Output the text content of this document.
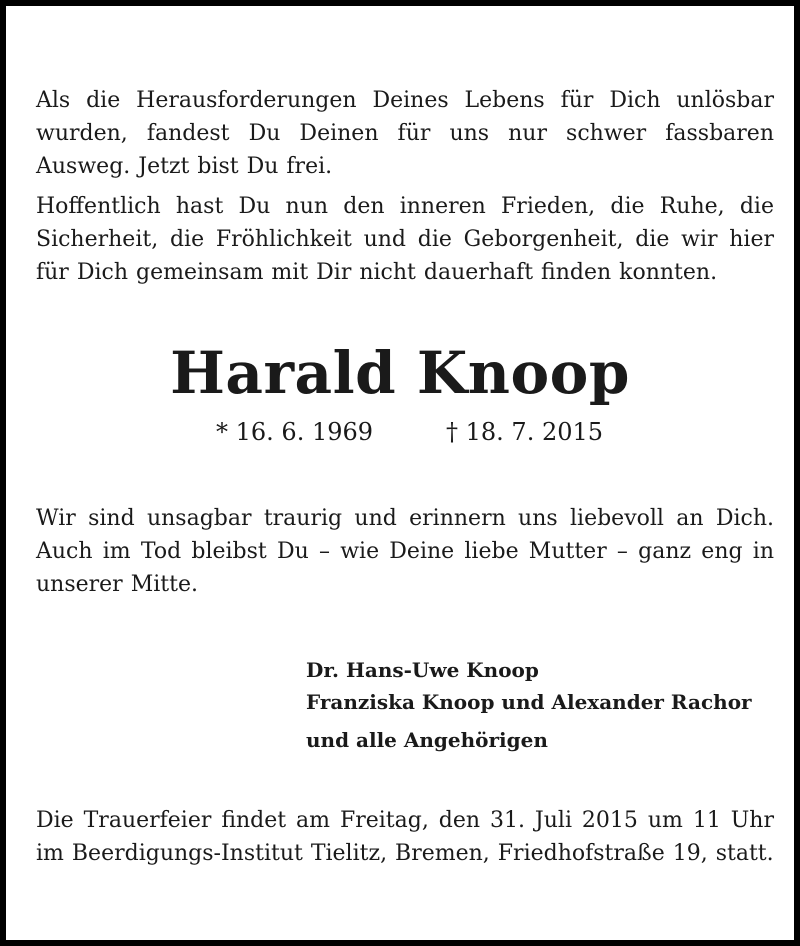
Als die Herausforderungen Deines Lebens für Dich unlösbar wurden, fandest Du Deinen für uns nur schwer fassbaren Ausweg. Jetzt bist Du frei.

Hoffentlich hast Du nun den inneren Frieden, die Ruhe, die Sicherheit, die Fröhlichkeit und die Geborgenheit, die wir hier für Dich gemeinsam mit Dir nicht dauerhaft finden konnten.

Harald Knoop
* 16. 6. 1969	† 18. 7. 2015

Wir sind unsagbar traurig und erinnern uns liebevoll an Dich. Auch im Tod bleibst Du – wie Deine liebe Mutter – ganz eng in unserer Mitte.

Dr. Hans-Uwe Knoop
Franziska Knoop und Alexander Rachor
und alle Angehörigen

Die Trauerfeier findet am Freitag, den 31. Juli 2015 um 11 Uhr im Beerdigungs-Institut Tielitz, Bremen, Friedhofstraße 19, statt.
